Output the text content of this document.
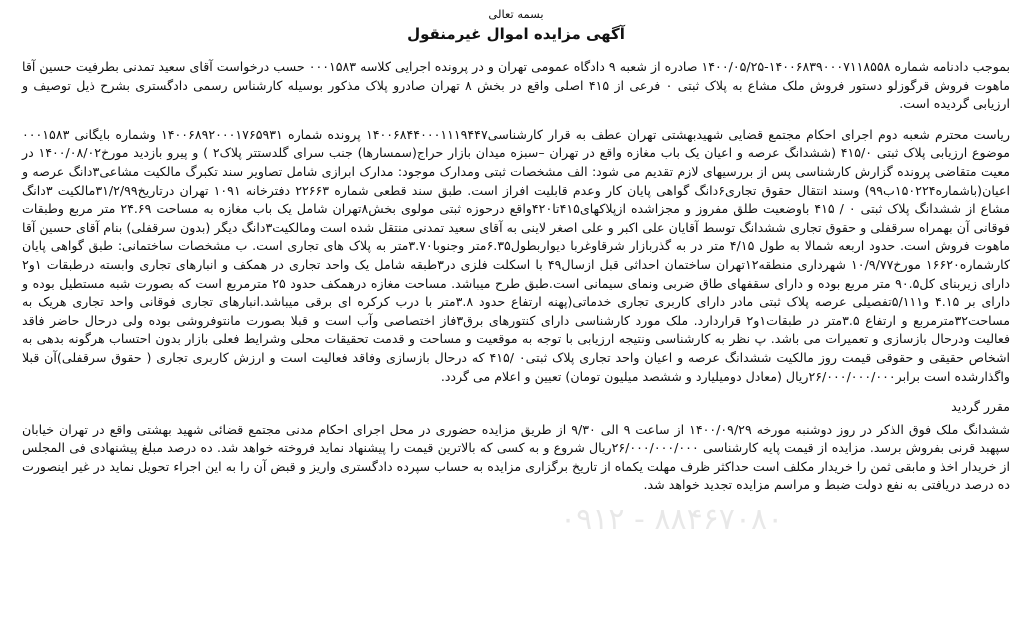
بسمه تعالی
آگهی مزایده اموال غیرمنقول

بموجب دادنامه شماره ۱۴۰۰۶۸۳۹۰۰۰۷۱۱۸۵۵۸-۱۴۰۰/۰۵/۲۵ صادره از شعبه ۹ دادگاه عمومی تهران و در پرونده اجرایی کلاسه ۰۰۰۱۵۸۳ حسب درخواست آقای سعید تمدنی بطرفیت حسین آقا ماهوت فروش قرگوزلو دستور فروش ملک مشاع به پلاک ثبتی ۰ فرعی از ۴۱۵ اصلی واقع در بخش ۸ تهران صادرو پلاک مذکور بوسیله کارشناس رسمی دادگستری بشرح ذیل توصیف و ارزیابی گردیده است.

ریاست محترم شعبه دوم اجرای احکام مجتمع قضایی شهیدبهشتی تهران عطف به قرار کارشناسی۱۴۰۰۶۸۴۴۰۰۰۱۱۱۹۴۴۷ پرونده شماره ۱۴۰۰۶۸۹۲۰۰۰۱۷۶۵۹۳۱ وشماره بایگانی ۰۰۰۱۵۸۳ موضوع ارزیابی پلاک ثبتی ۴۱۵/۰ (ششدانگ عرصه و اعیان یک باب مغازه واقع در تهران –سبزه میدان بازار حراج(سمسارها) جنب سرای گلدستتر پلاک۲ ) و پیرو بازدید مورخ۱۴۰۰/۰۸/۰۲ در معیت متقاضی پرونده گزارش کارشناسی پس از بررسیهای لازم تقدیم می شود: الف مشخصات ثبتی ومدارک موجود: مدارک ابرازی شامل تصاویر سند تکبرگ مالکیت مشاعی۳دانگ عرصه و اعیان(باشماره۱۵۰۲۲۴ب۹۹) وسند انتقال حقوق تجاری۶دانگ گواهی پایان کار وعدم قابلیت افراز است. طبق سند قطعی شماره ۲۲۶۶۳ دفترخانه ۱۰۹۱ تهران درتاریخ۳۱/۲/۹۹مالکیت ۳دانگ مشاع از ششدانگ پلاک ثبتی ۰ / ۴۱۵ باوضعیت طلق مفروز و مجزاشده ازپلاکهای۴۱۵تا۴۲۰واقع درحوزه ثبتی مولوی بخش۸تهران شامل یک باب مغازه به مساحت ۲۴.۶۹ متر مربع وطبقات فوقانی آن بهمراه سرقفلی و حقوق تجاری ششدانگ توسط آقایان علی اکبر و علی اصغر لاینی به آقای سعید تمدنی منتقل شده است ومالکیت۳دانگ دیگر (بدون سرقفلی) بنام آقای حسین آقا ماهوت فروش است. حدود اربعه شمالا به طول ۴/۱۵ متر در به گذربازار شرقاوغربا دیواربطول۶.۳۵متر وجنوبا۳.۷۰متر به پلاک های تجاری است. ب مشخصات ساختمانی: طبق گواهی پایان کارشماره۱۶۶۲۰ مورخ۱۰/۹/۷۷ شهرداری منطقه۱۲تهران ساختمان احداثی قبل ازسال۴۹ با اسکلت فلزی در۳طبقه شامل یک واحد تجاری در همکف و انبارهای تجاری وابسته درطبقات ۱و۲ دارای زیربنای کل۹۰.۵ متر مربع بوده و دارای سقفهای طاق ضربی ونمای سیمانی است.طبق طرح میباشد. مساحت مغازه درهمکف حدود ۲۵ مترمربع است که بصورت شبه مستطیل بوده و دارای بر ۴.۱۵ و۵/۱۱۱تفصیلی عرصه پلاک ثبتی مادر دارای کاربری تجاری خدماتی(پهنه ارتفاع حدود ۳.۸متر با درب کرکره ای برقی میباشد.انبارهای تجاری فوقانی واحد تجاری هریک به مساحت۳۲مترمربع و ارتفاع ۳.۵متر در طبقات۱و۲ قراردارد. ملک مورد کارشناسی دارای کنتورهای برق۳فاز اختصاصی وآب است و قبلا بصورت مانتوفروشی بوده ولی درحال حاضر فاقد فعالیت ودرحال بازسازی و تعمیرات می باشد. پ نظر به کارشناسی ونتیجه ارزیابی با توجه به موقعیت و مساحت و قدمت تحقیقات محلی وشرایط فعلی بازار بدون احتساب هرگونه بدهی به اشخاص حقیقی و حقوقی قیمت روز مالکیت ششدانگ عرصه و اعیان واحد تجاری پلاک ثبتی۰ /۴۱۵ که درحال بازسازی وفاقد فعالیت است و ارزش کاربری تجاری ( حقوق سرقفلی)آن قبلا واگذارشده است برابر۲۶/۰۰۰/۰۰۰/۰۰۰ریال (معادل دومیلیارد و ششصد میلیون تومان) تعیین و اعلام می گردد.

مقرر گردید

ششدانگ ملک فوق الذکر در روز دوشنبه مورخه ۱۴۰۰/۰۹/۲۹ از ساعت ۹ الی ۹/۳۰ از طریق مزایده حضوری در محل اجرای احکام مدنی مجتمع قضائی شهید بهشتی واقع در تهران خیابان سپهبد قرنی بفروش برسد. مزایده از قیمت پایه کارشناسی ۲۶/۰۰۰/۰۰۰/۰۰۰ریال شروع و به کسی که بالاترین قیمت را پیشنهاد نماید فروخته خواهد شد. ده درصد مبلغ پیشنهادی فی المجلس از خریدار اخذ و مابقی ثمن را خریدار مکلف است حداکثر ظرف مهلت یکماه از تاریخ برگزاری مزایده به حساب سپرده دادگستری واریز و قبض آن را به این اجراء تحویل نماید در غیر اینصورت ده درصد دریافتی به نفع دولت ضبط و مراسم مزایده تجدید خواهد شد.

۰۹۱۲ - ۸۸۴۶۷۰۸۰
